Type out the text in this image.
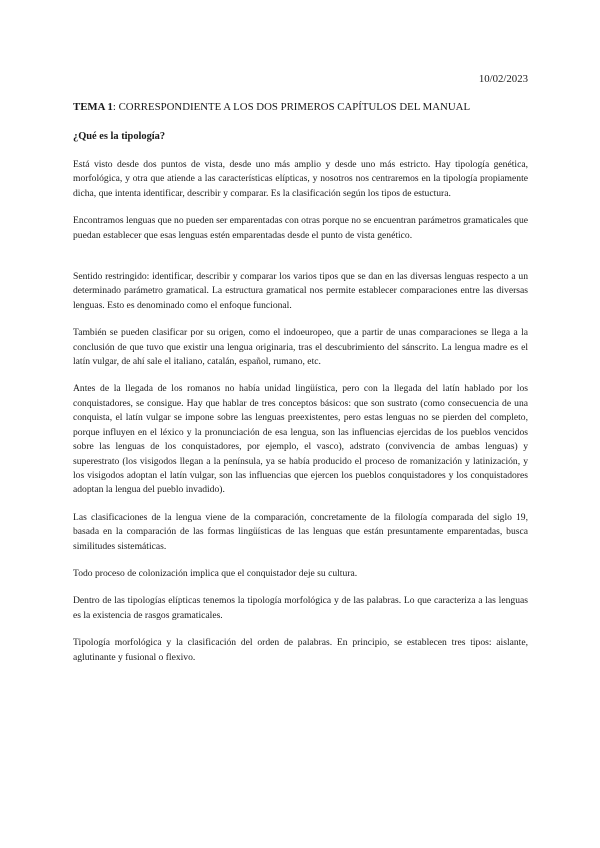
10/02/2023
TEMA 1: CORRESPONDIENTE A LOS DOS PRIMEROS CAPÍTULOS DEL MANUAL
¿Qué es la tipología?

Está visto desde dos puntos de vista, desde uno más amplio y desde uno más estricto. Hay tipología genética, morfológica, y otra que atiende a las características elípticas, y nosotros nos centraremos en la tipología propiamente dicha, que intenta identificar, describir y comparar. Es la clasificación según los tipos de estuctura.

Encontramos lenguas que no pueden ser emparentadas con otras porque no se encuentran parámetros gramaticales que puedan establecer que esas lenguas estén emparentadas desde el punto de vista genético.

Sentido restringido: identificar, describir y comparar los varios tipos que se dan en las diversas lenguas respecto a un determinado parámetro gramatical. La estructura gramatical nos permite establecer comparaciones entre las diversas lenguas. Esto es denominado como el enfoque funcional.

También se pueden clasificar por su origen, como el indoeuropeo, que a partir de unas comparaciones se llega a la conclusión de que tuvo que existir una lengua originaria, tras el descubrimiento del sánscrito. La lengua madre es el latín vulgar, de ahí sale el italiano, catalán, español, rumano, etc.

Antes de la llegada de los romanos no había unidad lingüística, pero con la llegada del latín hablado por los conquistadores, se consigue. Hay que hablar de tres conceptos básicos: que son sustrato (como consecuencia de una conquista, el latín vulgar se impone sobre las lenguas preexistentes, pero estas lenguas no se pierden del completo, porque influyen en el léxico y la pronunciación de esa lengua, son las influencias ejercidas de los pueblos vencidos sobre las lenguas de los conquistadores, por ejemplo, el vasco), adstrato (convivencia de ambas lenguas) y superestrato (los visigodos llegan a la península, ya se había producido el proceso de romanización y latinización, y los visigodos adoptan el latín vulgar, son las influencias que ejercen los pueblos conquistadores y los conquistadores adoptan la lengua del pueblo invadido).

Las clasificaciones de la lengua viene de la comparación, concretamente de la filología comparada del siglo 19, basada en la comparación de las formas lingüísticas de las lenguas que están presuntamente emparentadas, busca similitudes sistemáticas.

Todo proceso de colonización implica que el conquistador deje su cultura.

Dentro de las tipologías elípticas tenemos la tipología morfológica y de las palabras. Lo que caracteriza a las lenguas es la existencia de rasgos gramaticales.

Tipología morfológica y la clasificación del orden de palabras. En principio, se establecen tres tipos: aislante, aglutinante y fusional o flexivo.
